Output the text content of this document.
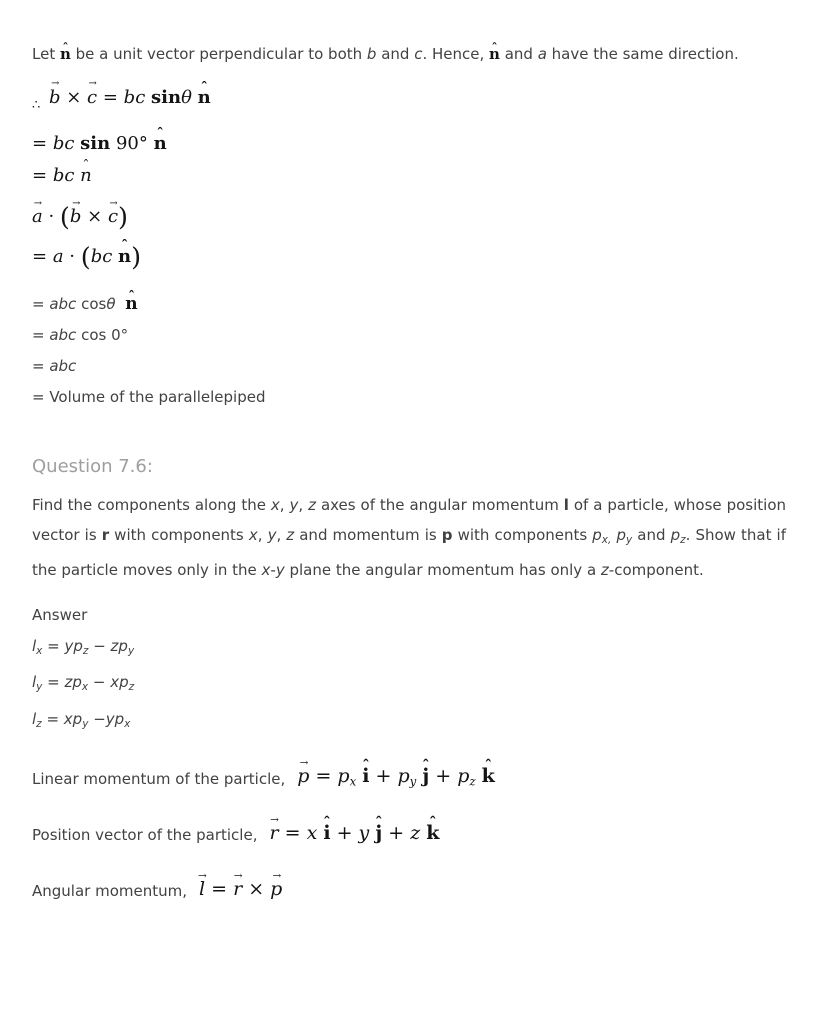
Let n ˆ be a unit vector perpendicular to both b and c. Hence, n ˆ and a have the same direction.

$_\therefore$ b → × c → = bc sinθ n ˆ
= bc sin 90° n ˆ
= bc n ˆ
a → · (b → × c →)
= a · (bc n ˆ)
= abc cosθ n ˆ
= abc cos 0°
= abc
= Volume of the parallelepiped
Question 7.6:

Find the components along the x, y, z axes of the angular momentum l of a particle, whose position vector is r with components x, y, z and momentum is p with components $p_{x,}$ $p_y$ and $p_z$. Show that if the particle moves only in the x-y plane the angular momentum has only a z-component.

Answer
$l_x = yp_z - zp_y$
$l_y = zp_x - xp_z$
$l_z = xp_y -yp_x$
Linear momentum of the particle, p → = $p_x$ i ˆ + $p_y$ j ˆ + $p_z$ k ˆ
Position vector of the particle, r → = x i ˆ + y j ˆ + z k ˆ
Angular momentum, l → = r → × p →
